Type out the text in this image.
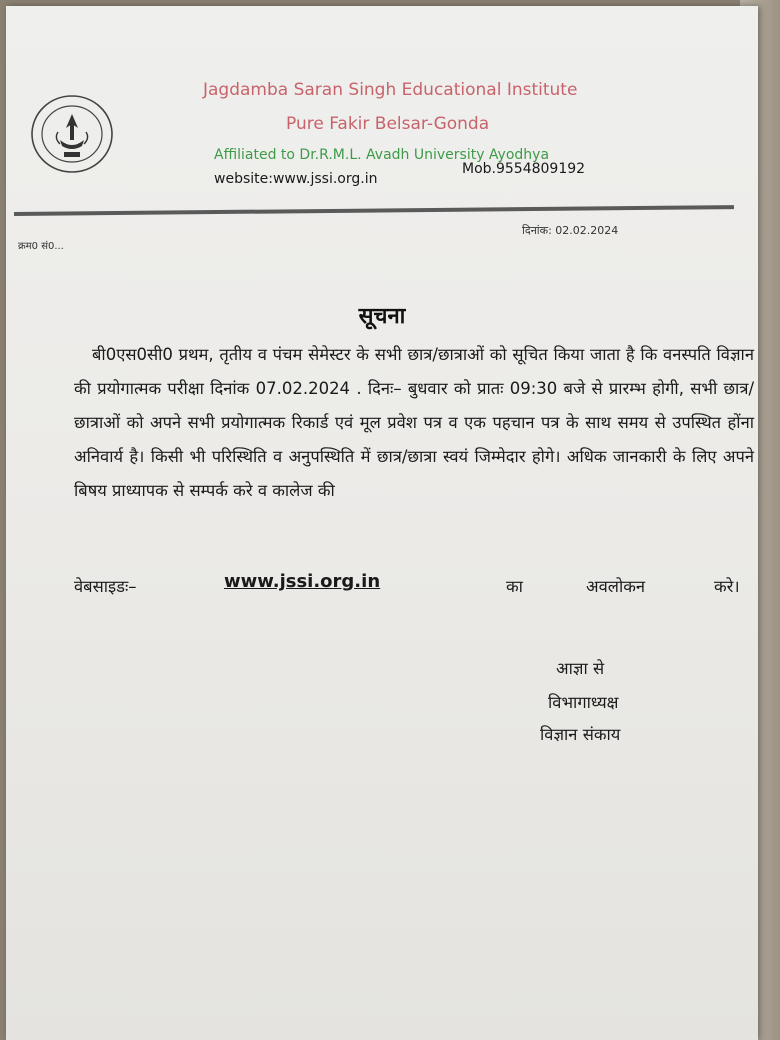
Jagdamba Saran Singh Educational Institute
Pure Fakir Belsar-Gonda
Affiliated to Dr.R.M.L. Avadh University Ayodhya
website:www.jssi.org.in
Mob.9554809192
क्रम0 सं0...
दिनांक: 02.02.2024
सूचना

बी0एस0सी0 प्रथम, तृतीय व पंचम सेमेस्टर के सभी छात्र/छात्राओं को सूचित किया जाता है कि वनस्पति विज्ञान की प्रयोगात्मक परीक्षा दिनांक 07.02.2024 . दिनः– बुधवार को प्रातः 09:30 बजे से प्रारम्भ होगी, सभी छात्र/छात्राओं को अपने सभी प्रयोगात्मक रिकार्ड एवं मूल प्रवेश पत्र व एक पहचान पत्र के साथ समय से उपस्थित होंना अनिवार्य है। किसी भी परिस्थिति व अनुपस्थिति में छात्र/छात्रा स्वयं जिम्मेदार होगे। अधिक जानकारी के लिए अपने बिषय प्राध्यापक से सम्पर्क करे व कालेज की

वेबसाइडः–	www.jssi.org.in	का	अवलोकन	करे।
आज्ञा से
विभागाध्यक्ष
विज्ञान संकाय
